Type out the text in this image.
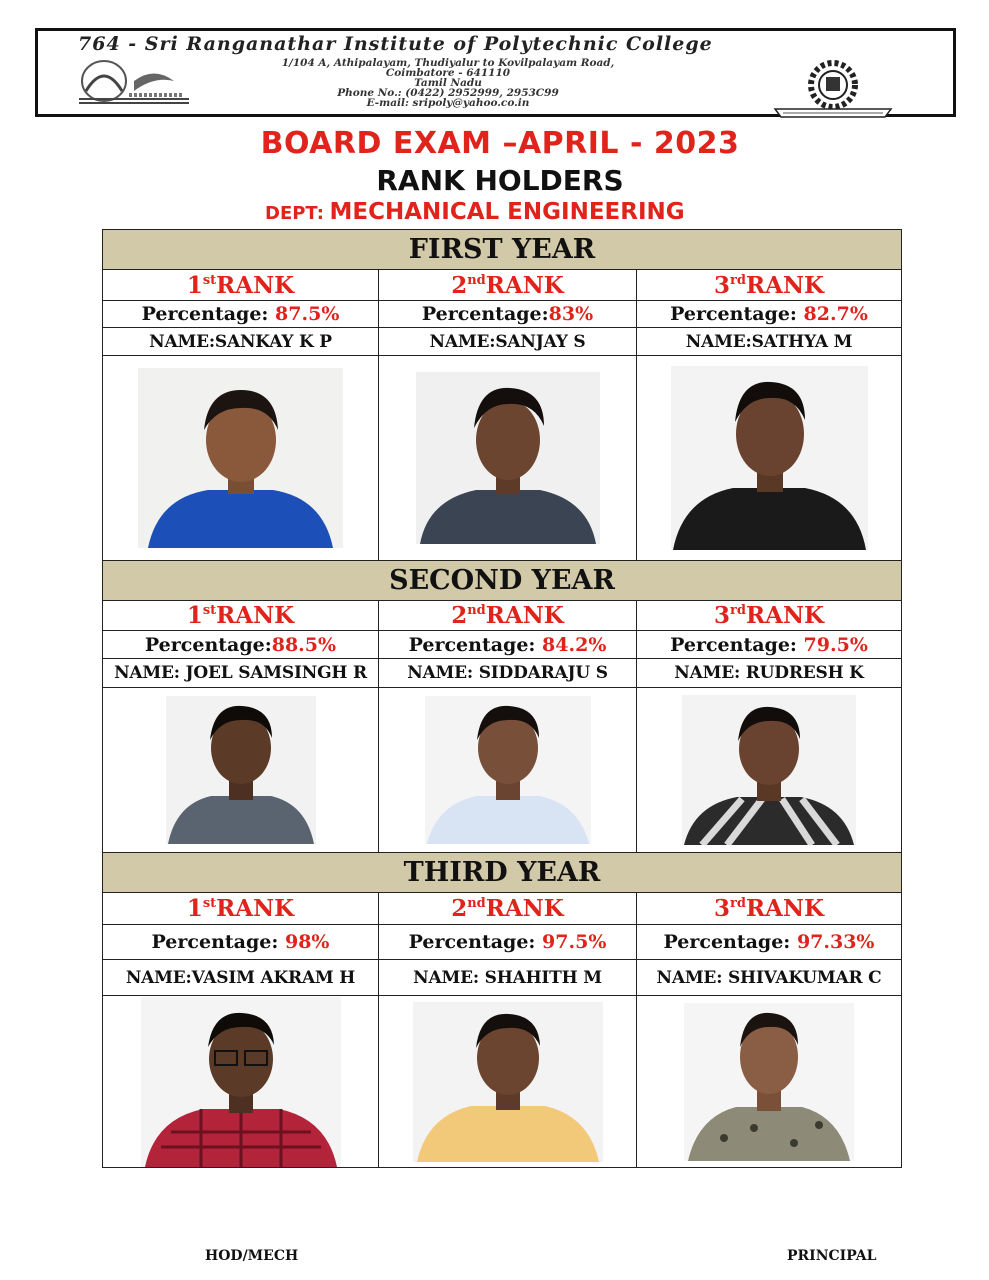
764 - Sri Ranganathar Institute of Polytechnic College
1/104 A, Athipalayam, Thudiyalur to Kovilpalayam Road,
Coimbatore - 641110
Tamil Nadu
Phone No.: (0422) 2952999, 2953C99
E-mail: sripoly@yahoo.co.in
BOARD EXAM –APRIL - 2023
RANK HOLDERS
DEPT: MECHANICAL ENGINEERING
FIRST YEAR		
1stRANK	2ndRANK	3rdRANK
Percentage: 87.5%	Percentage:83%	Percentage: 82.7%
NAME:SANKAY K P	NAME:SANJAY S	NAME:SATHYA M

SECOND YEAR		
1stRANK	2ndRANK	3rdRANK
Percentage:88.5%	Percentage: 84.2%	Percentage: 79.5%
NAME: JOEL SAMSINGH R	NAME: SIDDARAJU S	NAME: RUDRESH K

THIRD YEAR		
1stRANK	2ndRANK	3rdRANK
Percentage: 98%	Percentage: 97.5%	Percentage: 97.33%
NAME:VASIM AKRAM H	NAME: SHAHITH M	NAME: SHIVAKUMAR C

HOD/MECH	PRINCIPAL
